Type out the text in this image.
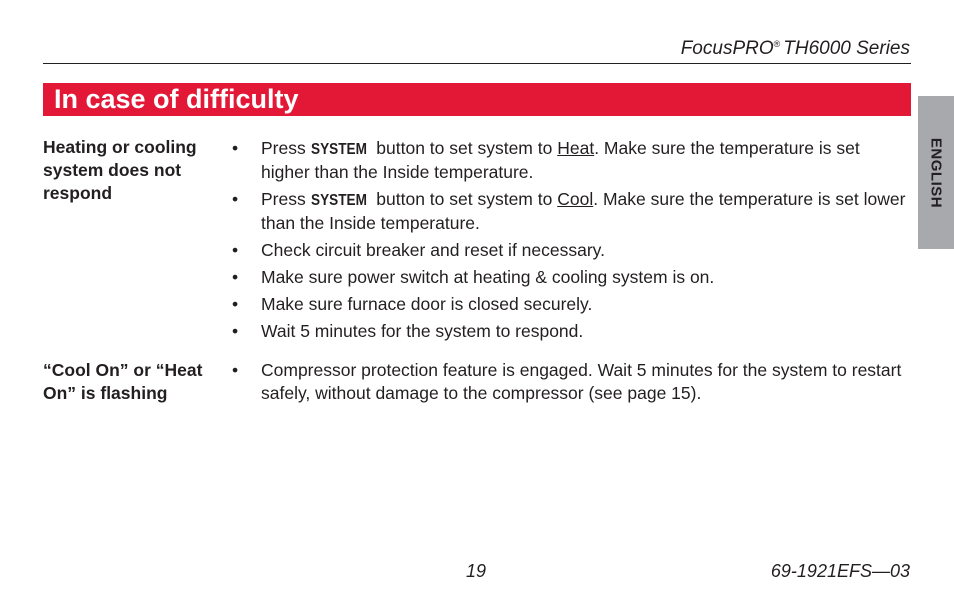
FocusPRO® TH6000 Series
In case of difficulty
ENGLISH
Heating or cooling system does not respond
• Press SYSTEM button to set system to Heat. Make sure the temperature is set higher than the Inside temperature.
• Press SYSTEM button to set system to Cool. Make sure the temperature is set lower than the Inside temperature.
• Check circuit breaker and reset if necessary.
• Make sure power switch at heating & cooling system is on.
• Make sure furnace door is closed securely.
• Wait 5 minutes for the system to respond.
“Cool On” or “Heat On” is flashing
• Compressor protection feature is engaged. Wait 5 minutes for the system to restart safely, without damage to the compressor (see page 15).
19	69-1921EFS—03
